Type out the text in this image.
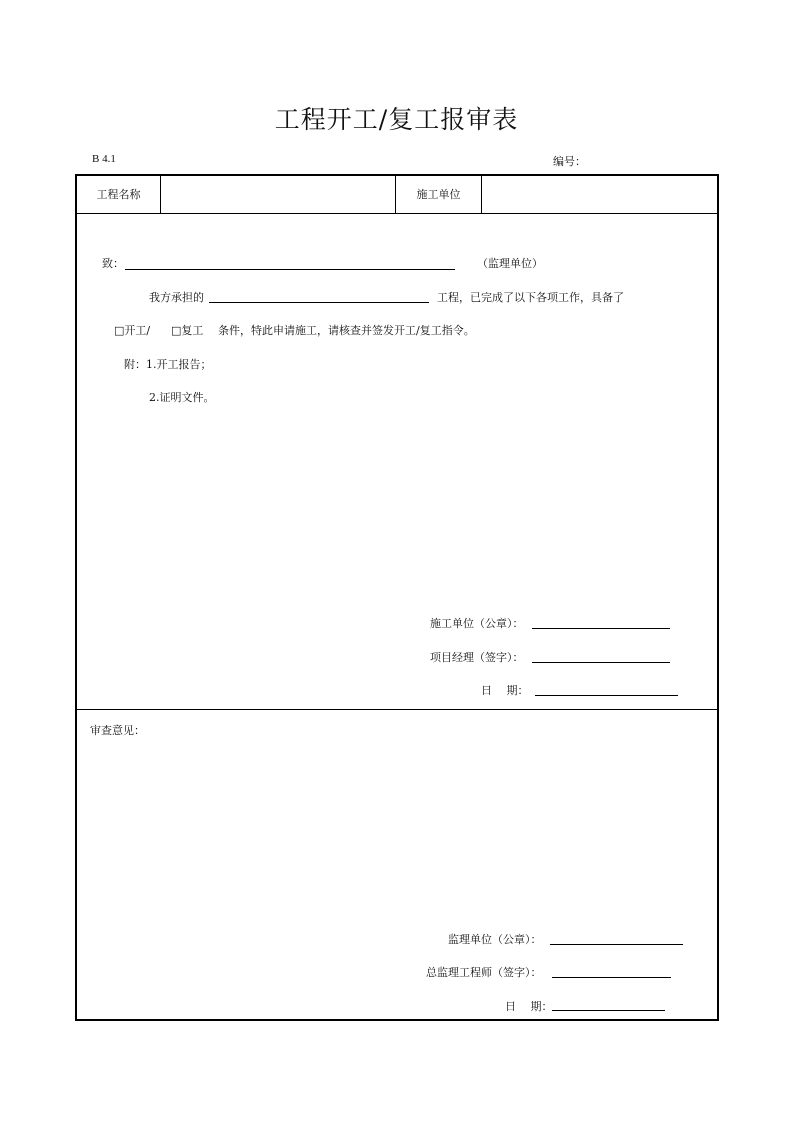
工程开工/复工报审表
B 4.1	编号：
工程名称	施工单位
致：	（监理单位）
我方承担的	工程，已完成了以下各项工作，具备了
□开工/ □复工 条件，特此申请施工，请核查并签发开工/复工指令。
附：1.开工报告；
2.证明文件。
施工单位（公章）：
项目经理（签字）：
日　 期：
审查意见：
监理单位（公章）：
总监理工程师（签字）：
日　 期：
